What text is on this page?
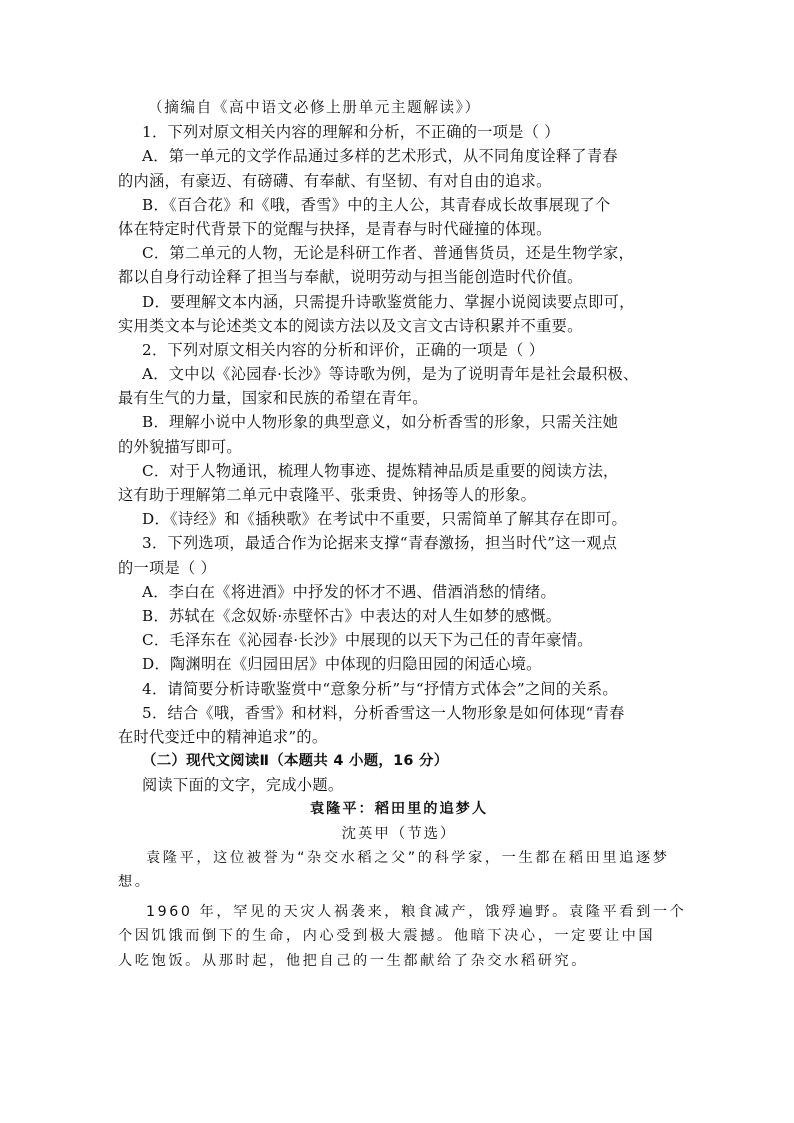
（摘编自《高中语文必修上册单元主题解读》）
1．下列对原文相关内容的理解和分析，不正确的一项是（ ）
A．第一单元的文学作品通过多样的艺术形式，从不同角度诠释了青春
的内涵，有豪迈、有磅礴、有奉献、有坚韧、有对自由的追求。
B．《百合花》和《哦，香雪》中的主人公，其青春成长故事展现了个
体在特定时代背景下的觉醒与抉择，是青春与时代碰撞的体现。
C．第二单元的人物，无论是科研工作者、普通售货员，还是生物学家，
都以自身行动诠释了担当与奉献，说明劳动与担当能创造时代价值。
D．要理解文本内涵，只需提升诗歌鉴赏能力、掌握小说阅读要点即可，
实用类文本与论述类文本的阅读方法以及文言文古诗积累并不重要。
2．下列对原文相关内容的分析和评价，正确的一项是（ ）
A．文中以《沁园春·长沙》等诗歌为例，是为了说明青年是社会最积极、
最有生气的力量，国家和民族的希望在青年。
B．理解小说中人物形象的典型意义，如分析香雪的形象，只需关注她
的外貌描写即可。
C．对于人物通讯，梳理人物事迹、提炼精神品质是重要的阅读方法，
这有助于理解第二单元中袁隆平、张秉贵、钟扬等人的形象。
D．《诗经》和《插秧歌》在考试中不重要，只需简单了解其存在即可。
3．下列选项，最适合作为论据来支撑“青春激扬，担当时代”这一观点
的一项是（ ）
A．李白在《将进酒》中抒发的怀才不遇、借酒消愁的情绪。
B．苏轼在《念奴娇·赤壁怀古》中表达的对人生如梦的感慨。
C．毛泽东在《沁园春·长沙》中展现的以天下为己任的青年豪情。
D．陶渊明在《归园田居》中体现的归隐田园的闲适心境。
4．请简要分析诗歌鉴赏中“意象分析”与“抒情方式体会”之间的关系。
5．结合《哦，香雪》和材料，分析香雪这一人物形象是如何体现“青春
在时代变迁中的精神追求”的。
（二）现代文阅读Ⅱ（本题共 4 小题，16 分）
阅读下面的文字，完成小题。
袁隆平：稻田里的追梦人
沈英甲（节选）
袁隆平，这位被誉为“杂交水稻之父”的科学家，一生都在稻田里追逐梦
想。
1960 年，罕见的天灾人祸袭来，粮食减产，饿殍遍野。袁隆平看到一个
个因饥饿而倒下的生命，内心受到极大震撼。他暗下决心，一定要让中国
人吃饱饭。从那时起，他把自己的一生都献给了杂交水稻研究。
